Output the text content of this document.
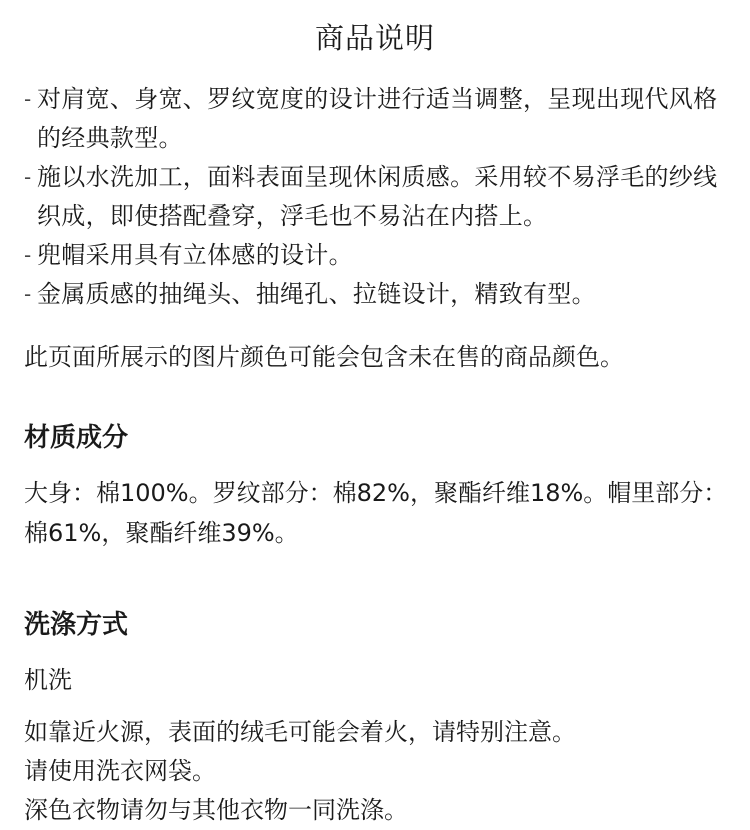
商品说明
- 对肩宽、身宽、罗纹宽度的设计进行适当调整，呈现出现代风格的经典款型。
- 施以水洗加工，面料表面呈现休闲质感。采用较不易浮毛的纱线织成，即使搭配叠穿，浮毛也不易沾在内搭上。
- 兜帽采用具有立体感的设计。
- 金属质感的抽绳头、抽绳孔、拉链设计，精致有型。
此页面所展示的图片颜色可能会包含未在售的商品颜色。
材质成分
大身：棉100%。罗纹部分：棉82%，聚酯纤维18%。帽里部分：棉61%，聚酯纤维39%。
洗涤方式
机洗
如靠近火源，表面的绒毛可能会着火，请特别注意。
请使用洗衣网袋。
深色衣物请勿与其他衣物一同洗涤。
